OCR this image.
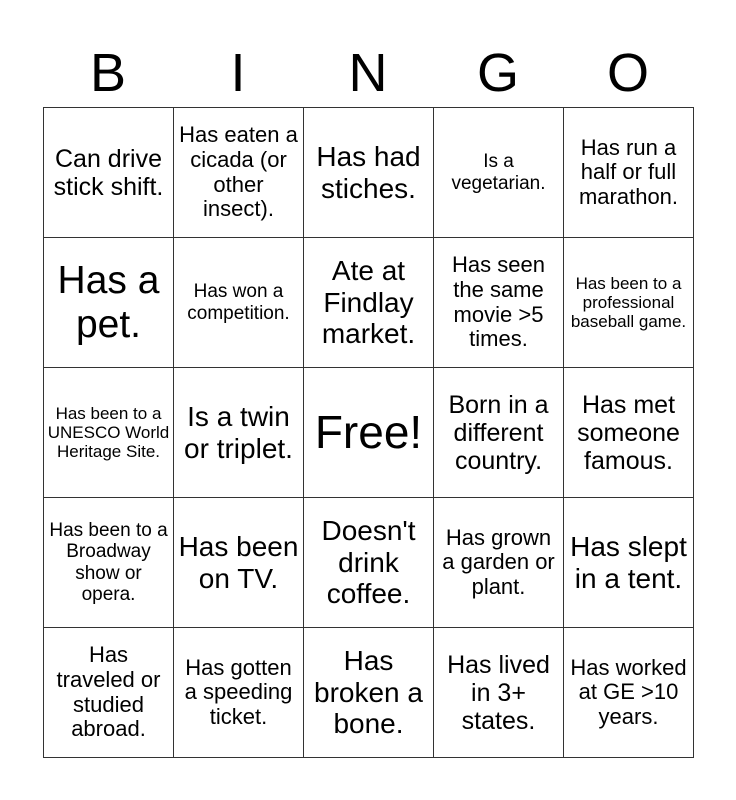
B	I	N	G	O
Can drive stick shift.	Has eaten a cicada (or other insect).	Has had stiches.	Is a vegetarian.	Has run a half or full marathon.
Has a pet.	Has won a competition.	Ate at Findlay market.	Has seen the same movie >5 times.	Has been to a professional baseball game.
Has been to a UNESCO World Heritage Site.	Is a twin or triplet.	Free!	Born in a different country.	Has met someone famous.
Has been to a Broadway show or opera.	Has been on TV.	Doesn't drink coffee.	Has grown a garden or plant.	Has slept in a tent.
Has traveled or studied abroad.	Has gotten a speeding ticket.	Has broken a bone.	Has lived in 3+ states.	Has worked at GE >10 years.
